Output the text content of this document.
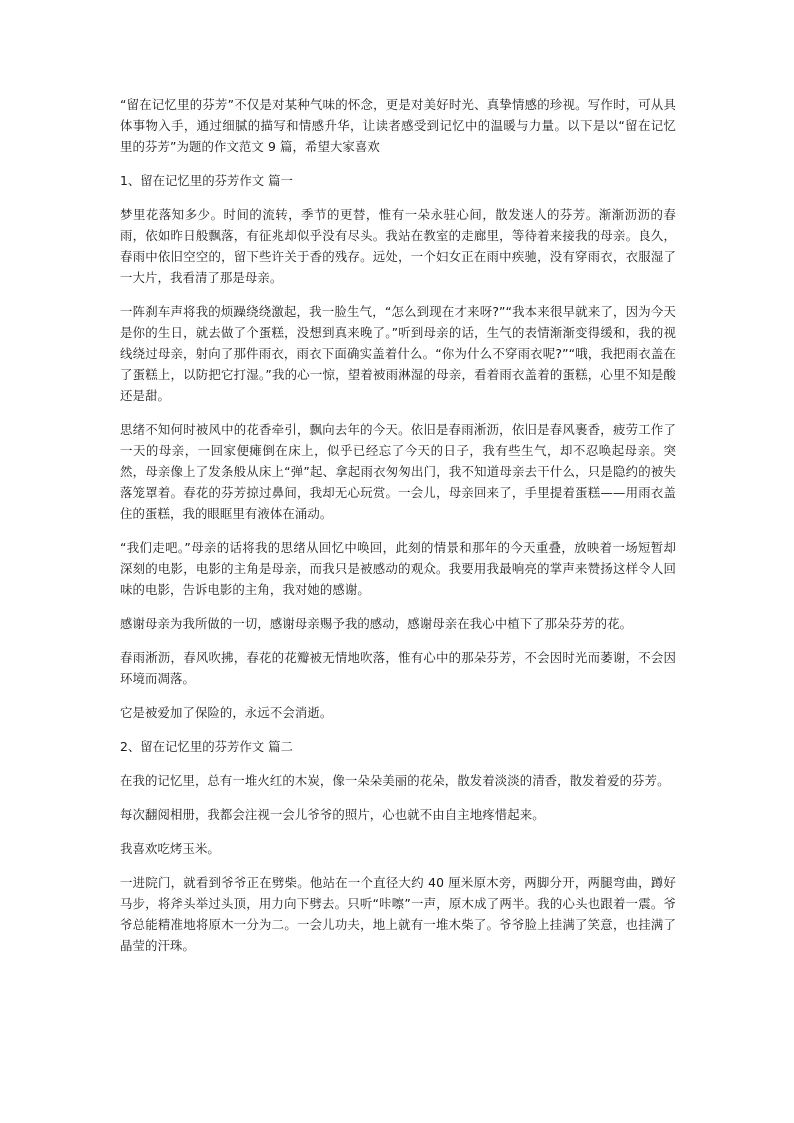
“留在记忆里的芬芳”不仅是对某种气味的怀念，更是对美好时光、真挚情感的珍视。写作时，可从具体事物入手，通过细腻的描写和情感升华，让读者感受到记忆中的温暖与力量。以下是以“留在记忆里的芬芳”为题的作文范文 9 篇，希望大家喜欢

1、留在记忆里的芬芳作文 篇一

梦里花落知多少。时间的流转，季节的更替，惟有一朵永驻心间，散发迷人的芬芳。渐渐沥沥的春雨，依如昨日般飘落，有征兆却似乎没有尽头。我站在教室的走廊里，等待着来接我的母亲。良久，春雨中依旧空空的，留下些许关于香的残存。远处，一个妇女正在雨中疾驰，没有穿雨衣，衣服湿了一大片，我看清了那是母亲。

一阵刹车声将我的烦躁绕绕激起，我一脸生气，“怎么到现在才来呀?”“我本来很早就来了，因为今天是你的生日，就去做了个蛋糕，没想到真来晚了。”听到母亲的话，生气的表情渐渐变得缓和，我的视线绕过母亲，射向了那件雨衣，雨衣下面确实盖着什么。“你为什么不穿雨衣呢?”“哦，我把雨衣盖在了蛋糕上，以防把它打湿。”我的心一惊，望着被雨淋湿的母亲，看着雨衣盖着的蛋糕，心里不知是酸还是甜。

思绪不知何时被风中的花香牵引，飘向去年的今天。依旧是春雨淅沥，依旧是春风裹香，疲劳工作了一天的母亲，一回家便瘫倒在床上，似乎已经忘了今天的日子，我有些生气，却不忍唤起母亲。突然，母亲像上了发条般从床上“弹”起、拿起雨衣匆匆出门，我不知道母亲去干什么，只是隐约的被失落笼罩着。春花的芬芳掠过鼻间，我却无心玩赏。一会儿，母亲回来了，手里提着蛋糕——用雨衣盖住的蛋糕，我的眼眶里有液体在涌动。

“我们走吧。”母亲的话将我的思绪从回忆中唤回，此刻的情景和那年的今天重叠，放映着一场短暂却深刻的电影，电影的主角是母亲，而我只是被感动的观众。我要用我最响亮的掌声来赞扬这样令人回味的电影，告诉电影的主角，我对她的感谢。

感谢母亲为我所做的一切，感谢母亲赐予我的感动，感谢母亲在我心中植下了那朵芬芳的花。

春雨淅沥，春风吹拂，春花的花瓣被无情地吹落，惟有心中的那朵芬芳，不会因时光而萎谢，不会因环境而凋落。

它是被爱加了保险的，永远不会消逝。

2、留在记忆里的芬芳作文 篇二

在我的记忆里，总有一堆火红的木炭，像一朵朵美丽的花朵，散发着淡淡的清香，散发着爱的芬芳。

每次翻阅相册，我都会注视一会儿爷爷的照片，心也就不由自主地疼惜起来。

我喜欢吃烤玉米。

一进院门，就看到爷爷正在劈柴。他站在一个直径大约 40 厘米原木旁，两脚分开，两腿弯曲，蹲好马步，将斧头举过头顶，用力向下劈去。只听“咔嚓”一声，原木成了两半。我的心头也跟着一震。爷爷总能精准地将原木一分为二。一会儿功夫，地上就有一堆木柴了。爷爷脸上挂满了笑意，也挂满了晶莹的汗珠。
